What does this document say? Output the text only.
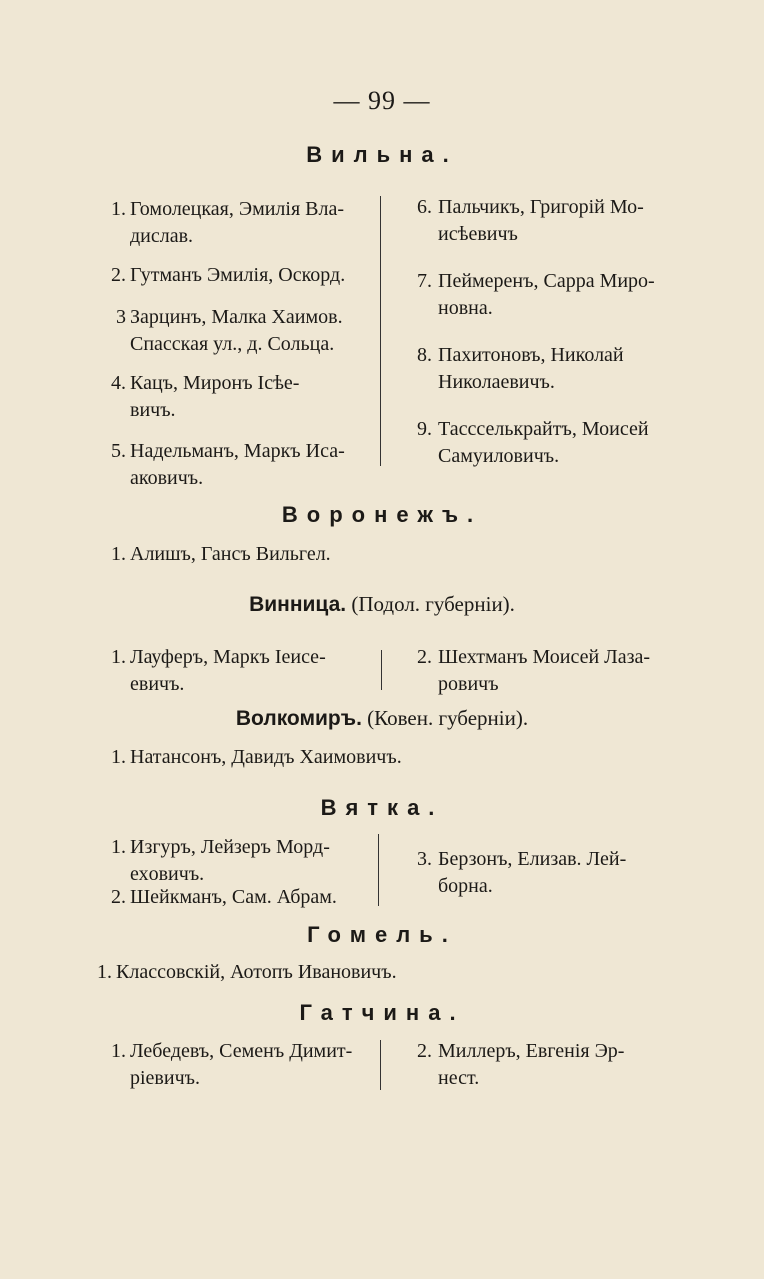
— 99 —
Вильна.
1. Гомолецкая, Эмилія Вла-
дислав.
2. Гутманъ Эмилія, Оскорд.
3 Зарцинъ, Малка Хаимов.
Спасская ул., д. Сольца.
4. Кацъ, Миронъ Ісѣе-
вичъ.
5. Надельманъ, Маркъ Иса-
аковичъ.
6. Пальчикъ, Григорій Мо-
исѣевичъ
7. Пеймеренъ, Сарра Миро-
новна.
8. Пахитоновъ, Николай
Николаевичъ.
9. Тассселькрайтъ, Моисей
Самуиловичъ.
Воронежъ.
1. Алишъ, Гансъ Вильгел.
Винница. (Подол. губерніи).
1. Лауферъ, Маркъ Іеисе-
евичъ.
2. Шехтманъ Моисей Лаза-
ровичъ
Волкомиръ. (Ковен. губерніи).
1. Натансонъ, Давидъ Хаимовичъ.
Вятка.
1. Изгуръ, Лейзеръ Морд-
ехoвичъ.
2. Шейкманъ, Сам. Абрам.
3. Берзонъ, Елизав. Лей-
борна.
Гомель.
1. Классовскій, Аотопъ Ивановичъ.
Гатчина.
1. Лебедевъ, Семенъ Димит-
ріевичъ.
2. Миллеръ, Евгенія Эр-
нест.
